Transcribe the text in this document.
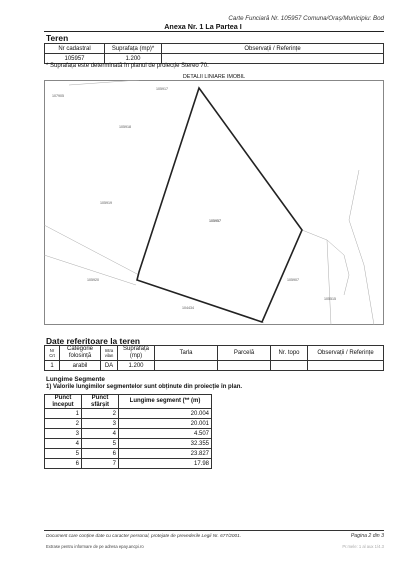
Carte Funciară Nr. 105957 Comuna/Oraș/Municipiu: Bod
Anexa Nr. 1 La Partea I
Teren
Nr cadastral	Suprafața (mp)*	Observații / Referințe
105957	1.200	
* Suprafața este determinată în planul de proiecție Stereo 70.
DETALII LINIARE IMOBIL
105917
107905
105918
105919
105920
104434
105907
105515
105957
Date referitoare la teren
Nr Crt	Categorie folosință	Intra vilan	Suprafața (mp)	Tarla	Parcelă	Nr. topo	Observații / Referințe
1	arabil	DA	1.200				
Lungime Segmente
1) Valorile lungimilor segmentelor sunt obținute din proiecție în plan.
Punct început	Punct sfârșit	Lungime segment (** (m)
1	2	20.004
2	3	20.001
3	4	4.507
4	5	32.355
5	6	23.827
6	7	17.98
Document care conține date cu caracter personal, protejate de prevederile Legii Nr. 677/2001.	Pagina 2 din 3
Extrase pentru informare de pe adresa epay.ancpi.ro	Pr.mele: 1 al aux 1/4.3
